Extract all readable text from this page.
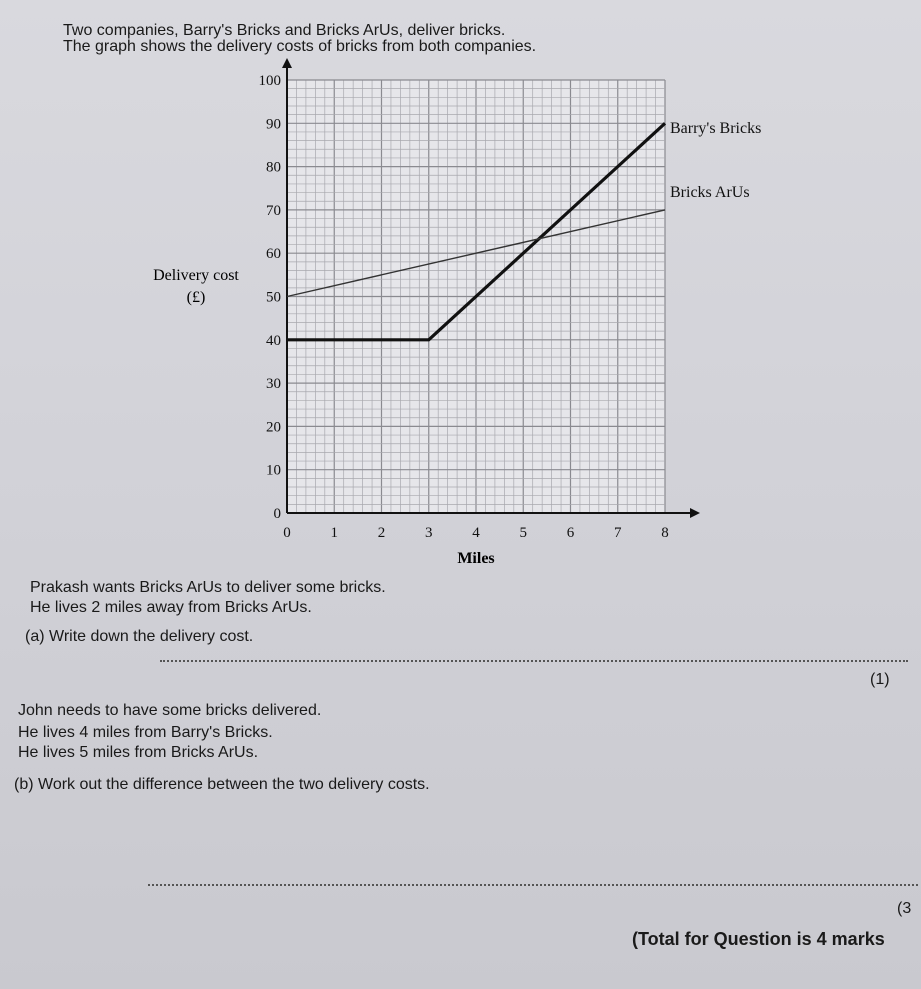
Two companies, Barry's Bricks and Bricks ArUs, deliver bricks.
The graph shows the delivery costs of bricks from both companies.
0	1	2	3	4	5	6	7	8
0
10
20
30
40
50
60
70
80
90
100
Barry's Bricks
Bricks ArUs
Miles
Delivery cost
(£)
Prakash wants Bricks ArUs to deliver some bricks.
He lives 2 miles away from Bricks ArUs.
(a) Write down the delivery cost.
(1)
John needs to have some bricks delivered.
He lives 4 miles from Barry's Bricks.
He lives 5 miles from Bricks ArUs.
(b) Work out the difference between the two delivery costs.
(3
(Total for Question is 4 marks
